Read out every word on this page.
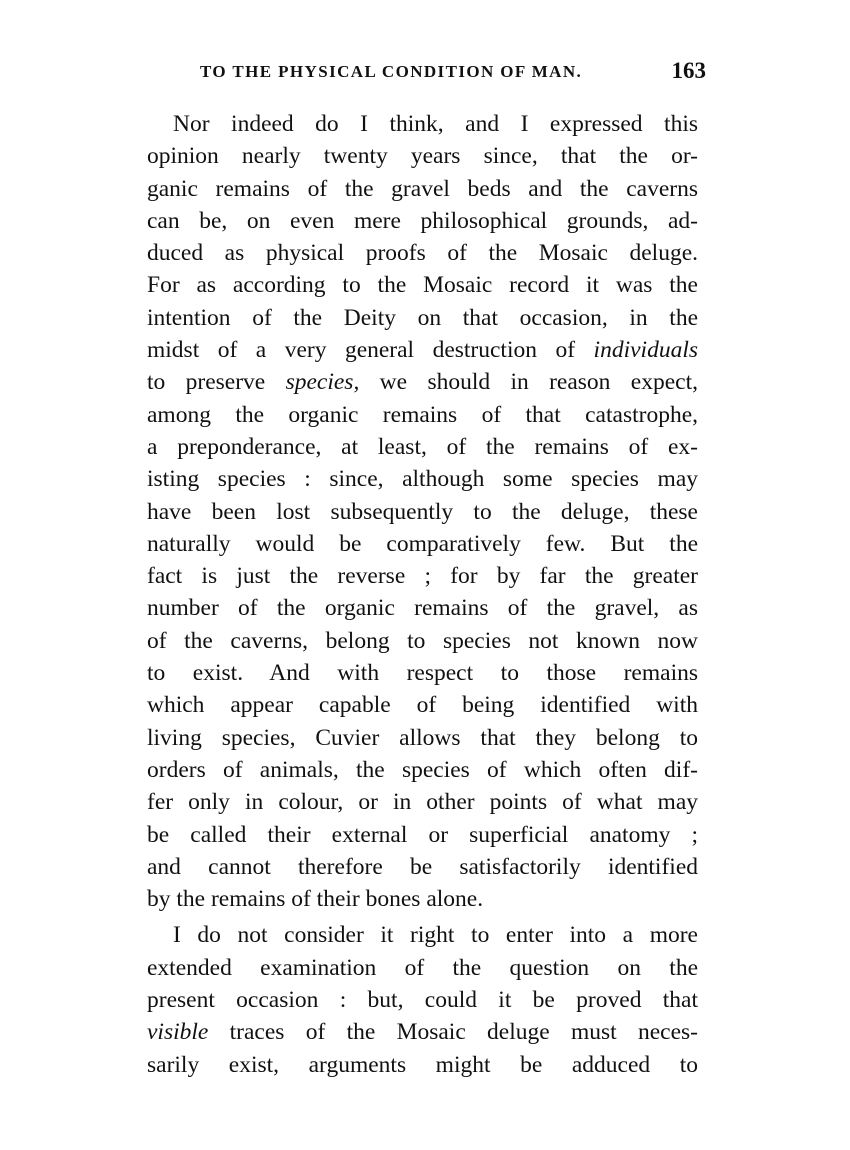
TO THE PHYSICAL CONDITION OF MAN.	163
Nor indeed do I think, and I expressed this
opinion nearly twenty years since, that the or-
ganic remains of the gravel beds and the caverns
can be, on even mere philosophical grounds, ad-
duced as physical proofs of the Mosaic deluge.
For as according to the Mosaic record it was the
intention of the Deity on that occasion, in the
midst of a very general destruction of individuals
to preserve species, we should in reason expect,
among the organic remains of that catastrophe,
a preponderance, at least, of the remains of ex-
isting species : since, although some species may
have been lost subsequently to the deluge, these
naturally would be comparatively few. But the
fact is just the reverse ; for by far the greater
number of the organic remains of the gravel, as
of the caverns, belong to species not known now
to exist. And with respect to those remains
which appear capable of being identified with
living species, Cuvier allows that they belong to
orders of animals, the species of which often dif-
fer only in colour, or in other points of what may
be called their external or superficial anatomy ;
and cannot therefore be satisfactorily identified
by the remains of their bones alone.
I do not consider it right to enter into a more
extended examination of the question on the
present occasion : but, could it be proved that
visible traces of the Mosaic deluge must neces-
sarily exist, arguments might be adduced to
